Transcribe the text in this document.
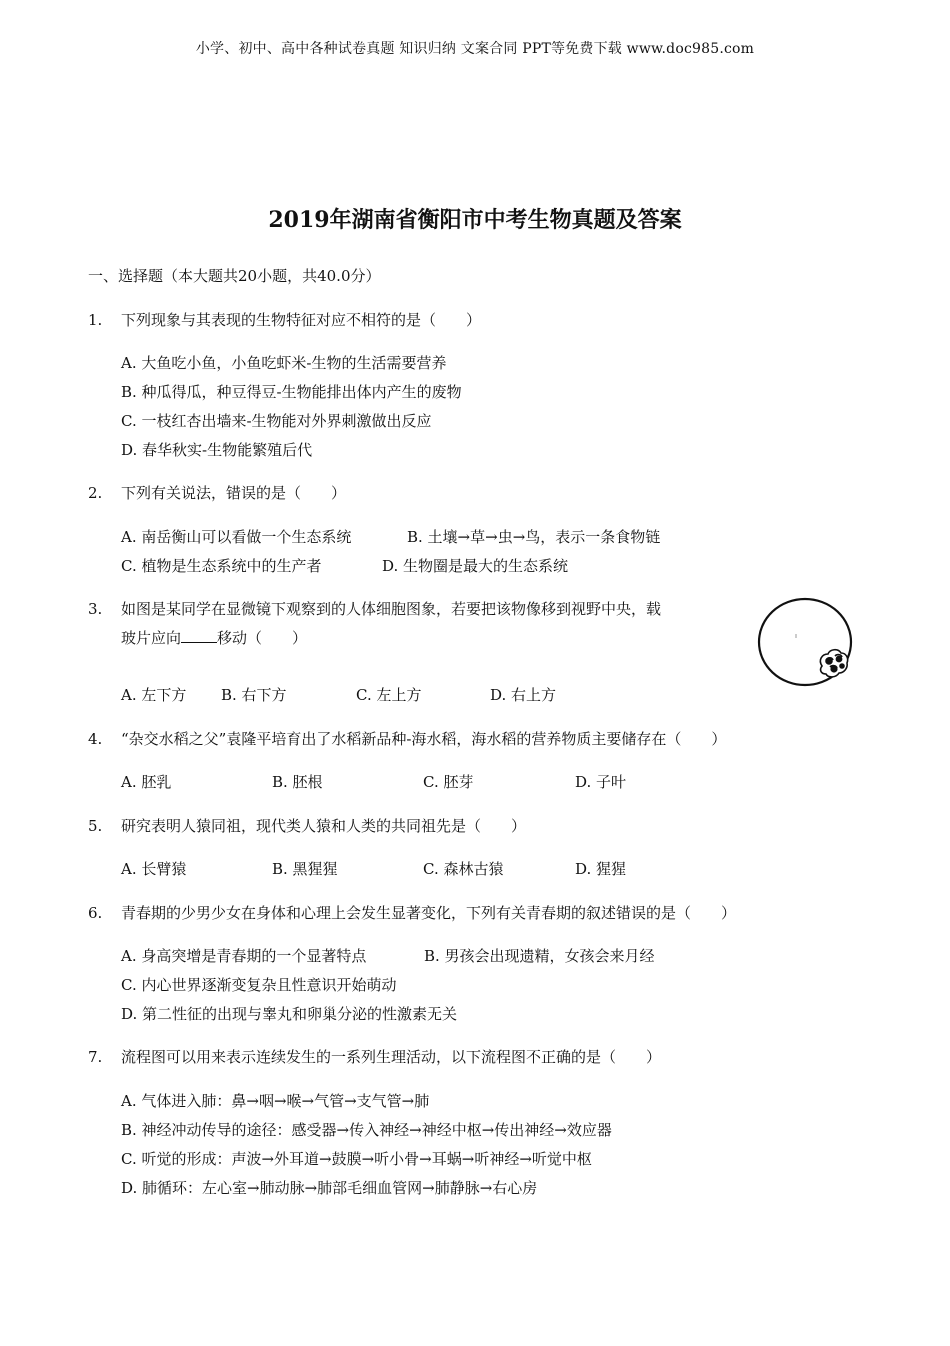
小学、初中、高中各种试卷真题 知识归纳 文案合同 PPT等免费下载 www.doc985.com
2019年湖南省衡阳市中考生物真题及答案
一、选择题（本大题共20小题，共40.0分）
1. 下列现象与其表现的生物特征对应不相符的是（　　）
A. 大鱼吃小鱼，小鱼吃虾米-生物的生活需要营养
B. 种瓜得瓜，种豆得豆-生物能排出体内产生的废物
C. 一枝红杏出墙来-生物能对外界刺激做出反应
D. 春华秋实-生物能繁殖后代
2. 下列有关说法，错误的是（　　）
A. 南岳衡山可以看做一个生态系统	B. 土壤→草→虫→鸟，表示一条食物链
C. 植物是生态系统中的生产者	D. 生物圈是最大的生态系统
3. 如图是某同学在显微镜下观察到的人体细胞图象，若要把该物像移到视野中央，载
玻片应向 移动（　　）
A. 左下方 B. 右下方	C. 左上方	D. 右上方
4. “杂交水稻之父”袁隆平培育出了水稻新品种-海水稻，海水稻的营养物质主要储存在（　　）
A. 胚乳	B. 胚根	C. 胚芽	D. 子叶
5. 研究表明人猿同祖，现代类人猿和人类的共同祖先是（　　）
A. 长臂猿	B. 黑猩猩	C. 森林古猿	D. 猩猩
6. 青春期的少男少女在身体和心理上会发生显著变化，下列有关青春期的叙述错误的是（　　）
A. 身高突增是青春期的一个显著特点	B. 男孩会出现遗精，女孩会来月经
C. 内心世界逐渐变复杂且性意识开始萌动
D. 第二性征的出现与睾丸和卵巢分泌的性激素无关
7. 流程图可以用来表示连续发生的一系列生理活动，以下流程图不正确的是（　　）
A. 气体进入肺：鼻→咽→喉→气管→支气管→肺
B. 神经冲动传导的途径：感受器→传入神经→神经中枢→传出神经→效应器
C. 听觉的形成：声波→外耳道→鼓膜→听小骨→耳蜗→听神经→听觉中枢
D. 肺循环：左心室→肺动脉→肺部毛细血管网→肺静脉→右心房
